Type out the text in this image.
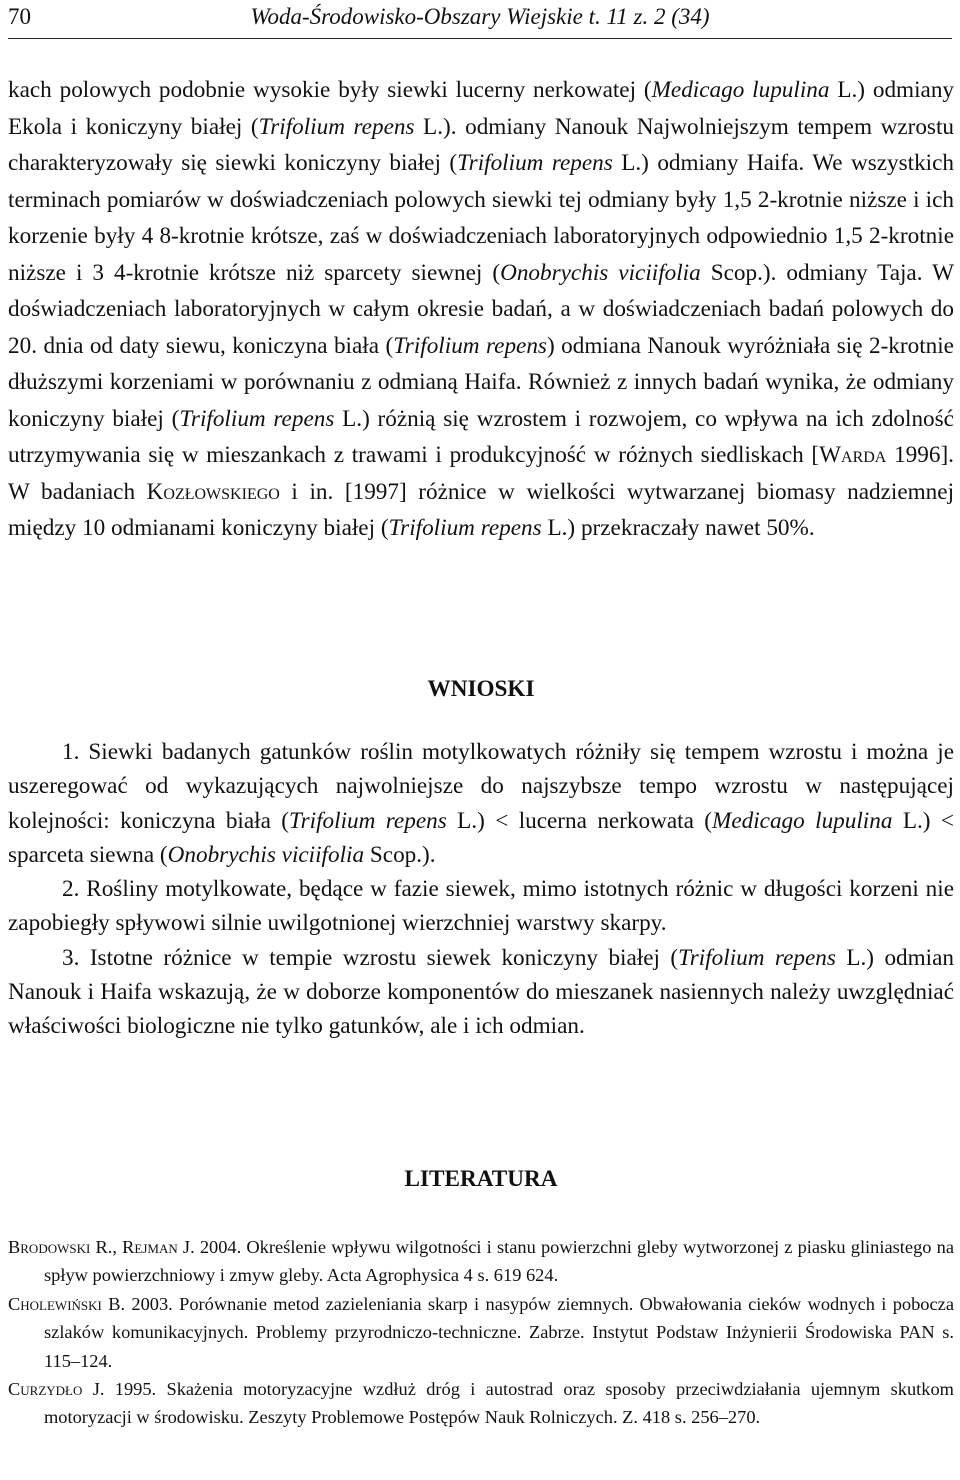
70	Woda-Środowisko-Obszary Wiejskie t. 11 z. 2 (34)

kach polowych podobnie wysokie były siewki lucerny nerkowatej (Medicago lupulina L.) odmiany Ekola i koniczyny białej (Trifolium repens L.). odmiany Nanouk Najwolniejszym tempem wzrostu charakteryzowały się siewki koniczyny białej (Trifolium repens L.) odmiany Haifa. We wszystkich terminach pomiarów w doświadczeniach polowych siewki tej odmiany były 1,5 2-krotnie niższe i ich korzenie były 4 8-krotnie krótsze, zaś w doświadczeniach laboratoryjnych odpowiednio 1,5 2-krotnie niższe i 3 4-krotnie krótsze niż sparcety siewnej (Onobrychis viciifolia Scop.). odmiany Taja. W doświadczeniach laboratoryjnych w całym okresie badań, a w doświadczeniach badań polowych do 20. dnia od daty siewu, koniczyna biała (Trifolium repens) odmiana Nanouk wyróżniała się 2-krotnie dłuższymi korzeniami w porównaniu z odmianą Haifa. Również z innych badań wynika, że odmiany koniczyny białej (Trifolium repens L.) różnią się wzrostem i rozwojem, co wpływa na ich zdolność utrzymywania się w mieszankach z trawami i produkcyjność w różnych siedliskach [Warda 1996]. W badaniach Kozłowskiego i in. [1997] różnice w wielkości wytwarzanej biomasy nadziemnej między 10 odmianami koniczyny białej (Trifolium repens L.) przekraczały nawet 50%.

WNIOSKI

1. Siewki badanych gatunków roślin motylkowatych różniły się tempem wzrostu i można je uszeregować od wykazujących najwolniejsze do najszybsze tempo wzrostu w następującej kolejności: koniczyna biała (Trifolium repens L.) < lucerna nerkowata (Medicago lupulina L.) < sparceta siewna (Onobrychis viciifolia Scop.).

2. Rośliny motylkowate, będące w fazie siewek, mimo istotnych różnic w długości korzeni nie zapobiegły spływowi silnie uwilgotnionej wierzchniej warstwy skarpy.

3. Istotne różnice w tempie wzrostu siewek koniczyny białej (Trifolium repens L.) odmian Nanouk i Haifa wskazują, że w doborze komponentów do mieszanek nasiennych należy uwzględniać właściwości biologiczne nie tylko gatunków, ale i ich odmian.

LITERATURA

Brodowski R., Rejman J. 2004. Określenie wpływu wilgotności i stanu powierzchni gleby wytworzonej z piasku gliniastego na spływ powierzchniowy i zmyw gleby. Acta Agrophysica 4 s. 619 624.

Cholewiński B. 2003. Porównanie metod zazieleniania skarp i nasypów ziemnych. Obwałowania cieków wodnych i pobocza szlaków komunikacyjnych. Problemy przyrodniczo-techniczne. Zabrze. Instytut Podstaw Inżynierii Środowiska PAN s. 115–124.

Curzydło J. 1995. Skażenia motoryzacyjne wzdłuż dróg i autostrad oraz sposoby przeciwdziałania ujemnym skutkom motoryzacji w środowisku. Zeszyty Problemowe Postępów Nauk Rolniczych. Z. 418 s. 256–270.
